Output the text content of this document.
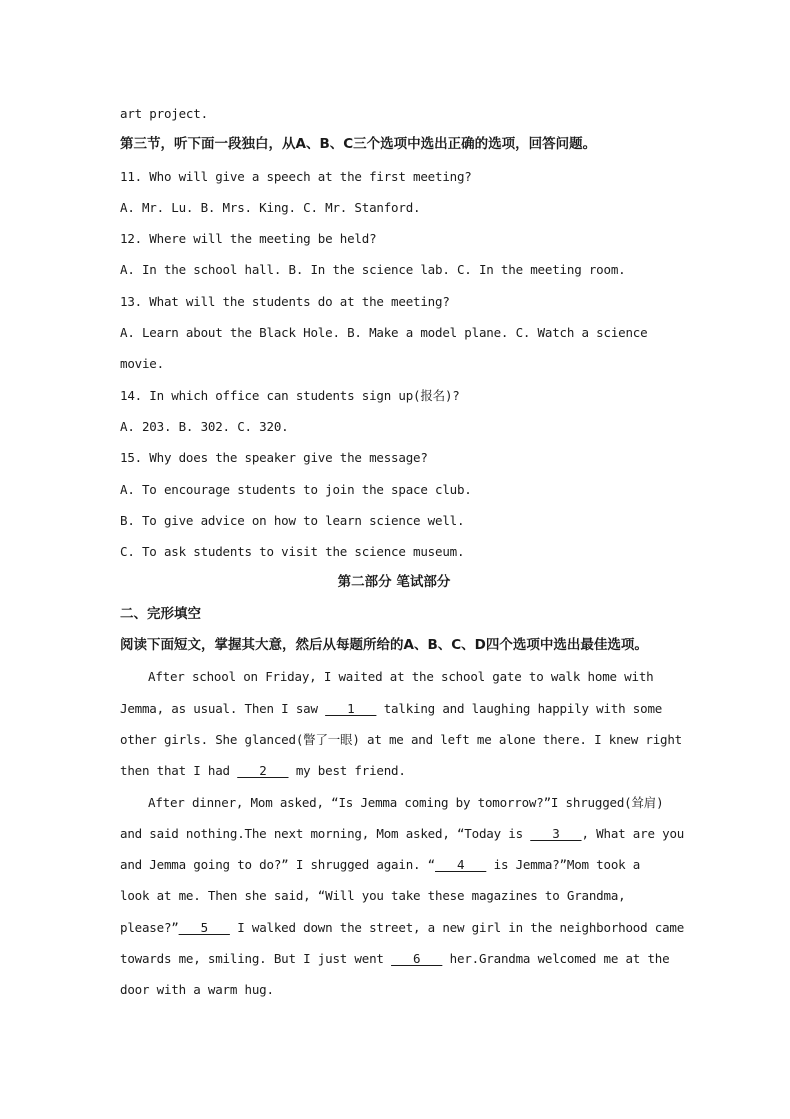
art project.
第三节，听下面一段独白，从A、B、C三个选项中选出正确的选项，回答问题。
11. Who will give a speech at the first meeting?
A. Mr. Lu. B. Mrs. King. C. Mr. Stanford.
12. Where will the meeting be held?
A. In the school hall. B. In the science lab. C. In the meeting room.
13. What will the students do at the meeting?
A. Learn about the Black Hole. B. Make a model plane. C. Watch a science
movie.
14. In which office can students sign up(报名)?
A. 203. B. 302. C. 320.
15. Why does the speaker give the message?
A. To encourage students to join the space club.
B. To give advice on how to learn science well.
C. To ask students to visit the science museum.
第二部分 笔试部分
二、完形填空
阅读下面短文，掌握其大意，然后从每题所给的A、B、C、D四个选项中选出最佳选项。
After school on Friday, I waited at the school gate to walk home with
Jemma, as usual. Then I saw    1    talking and laughing happily with some
other girls. She glanced(瞥了一眼) at me and left me alone there. I knew right
then that I had    2    my best friend.
After dinner, Mom asked, “Is Jemma coming by tomorrow?”I shrugged(耸肩)
and said nothing.The next morning, Mom asked, “Today is    3   , What are you
and Jemma going to do?” I shrugged again. “   4    is Jemma?”Mom took a
look at me. Then she said, “Will you take these magazines to Grandma,
please?”   5    I walked down the street, a new girl in the neighborhood came
towards me, smiling. But I just went    6    her.Grandma welcomed me at the
door with a warm hug.
